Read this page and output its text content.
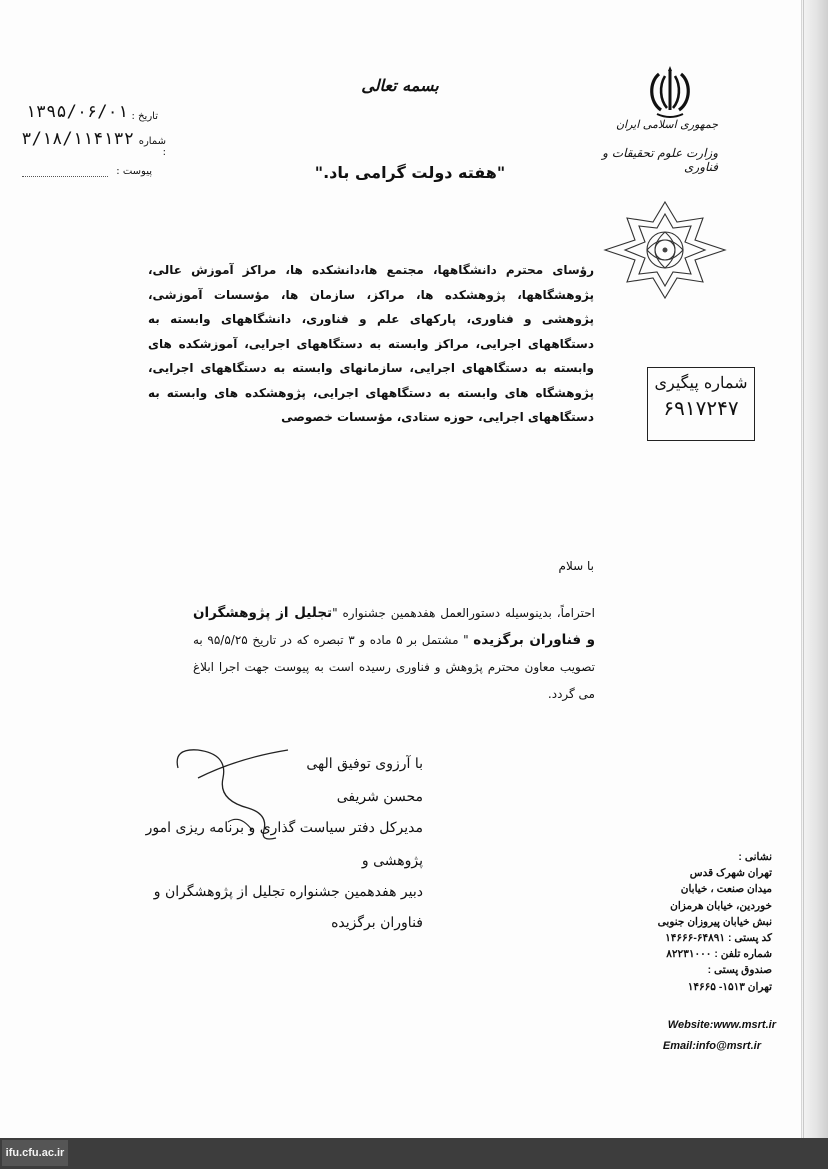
بسمه تعالی
جمهوری اسلامی ایران
وزارت علوم تحقیقات و فناوری
۱۳۹۵/۰۶/۰۱ تاریخ :
۳/۱۸/۱۱۴۱۳۲ شماره :
پیوست :	"هفته دولت گرامی باد."
رؤسای محترم دانشگاهها، مجتمع ها،دانشکده ها، مراکز آموزش عالی، پژوهشگاهها، پژوهشکده ها، مراکز، سازمان ها، مؤسسات آموزشی، پژوهشی و فناوری، پارکهای علم و فناوری، دانشگاههای وابسته به دستگاههای اجرایی، مراکز وابسته به دستگاههای اجرایی، آموزشکده های وابسته به دستگاههای اجرایی، سازمانهای وابسته به دستگاههای اجرایی، پژوهشگاه های وابسته به دستگاههای اجرایی، پژوهشکده های وابسته به دستگاههای اجرایی، حوزه ستادی، مؤسسات خصوصی
شماره پیگیری
۶۹۱۷۲۴۷
با سلام
احتراماً، بدینوسیله دستورالعمل هفدهمین جشنواره "تجلیل از پژوهشگران و فناوران برگزیده " مشتمل بر ۵ ماده و ۳ تبصره که در تاریخ ۹۵/۵/۲۵ به تصویب معاون محترم پژوهش و فناوری رسیده است به پیوست جهت اجرا ابلاغ می گردد.
با آرزوی توفیق الهی
محسن شریفی
مدیرکل دفتر سیاست گذاری و برنامه ریزی امور
پژوهشی و
دبیر هفدهمین جشنواره تجلیل از پژوهشگران و
فناوران برگزیده
نشانی :
تهران شهرک قدس
میدان صنعت ، خیابان
خوردین، خیابان هرمزان
نبش خیابان پیروزان جنوبی
کد پستی : ۶۴۸۹۱-۱۴۶۶۶
شماره تلفن : ۸۲۲۳۱۰۰۰
صندوق پستی :
تهران ۱۵۱۳- ۱۴۶۶۵
Website:www.msrt.ir
Email:info@msrt.ir
ifu.cfu.ac.ir
